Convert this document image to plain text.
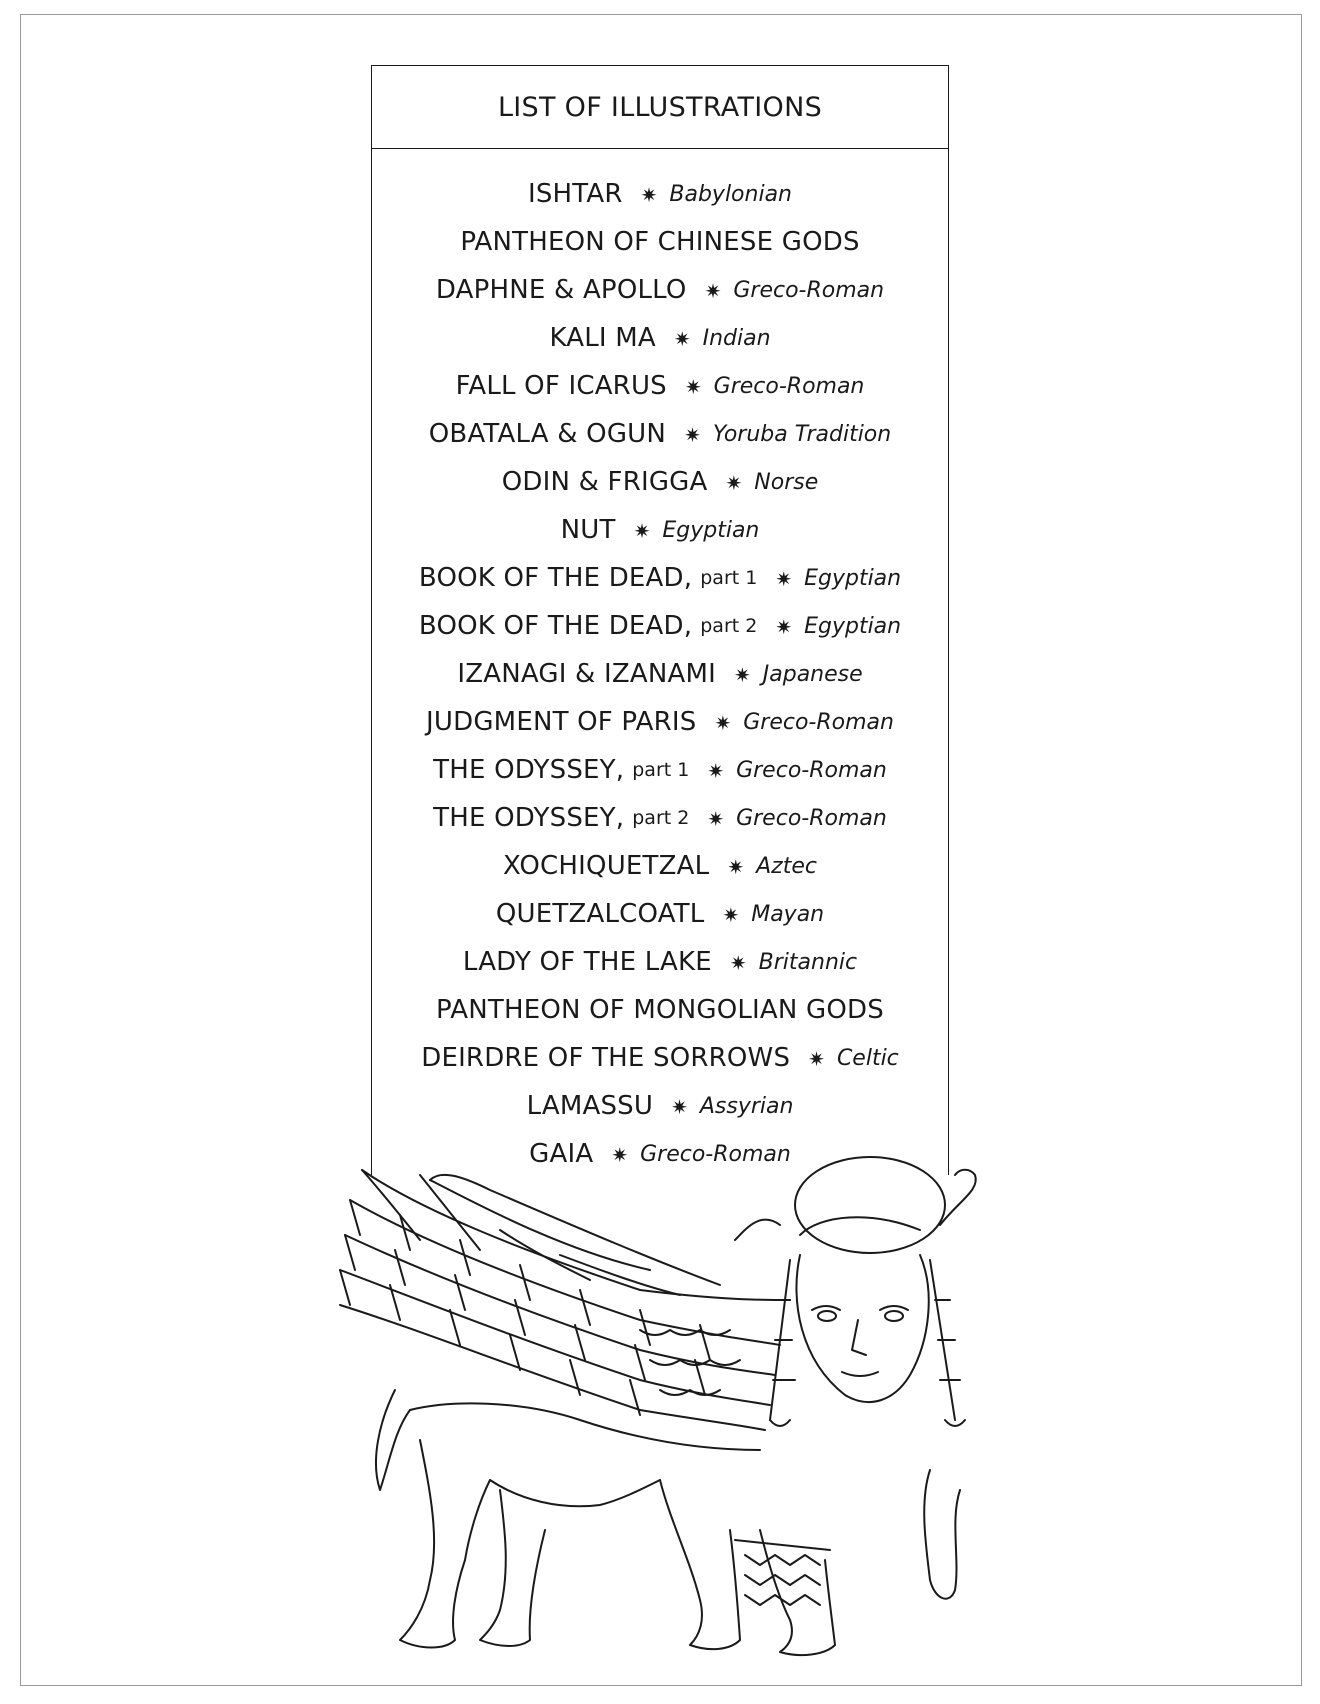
LIST OF ILLUSTRATIONS
ISHTAR ✷ Babylonian
PANTHEON OF CHINESE GODS
DAPHNE & APOLLO ✷ Greco-Roman
KALI MA ✷ Indian
FALL OF ICARUS ✷ Greco-Roman
OBATALA & OGUN ✷ Yoruba Tradition
ODIN & FRIGGA ✷ Norse
NUT ✷ Egyptian
BOOK OF THE DEAD, part 1 ✷ Egyptian
BOOK OF THE DEAD, part 2 ✷ Egyptian
IZANAGI & IZANAMI ✷ Japanese
JUDGMENT OF PARIS ✷ Greco-Roman
THE ODYSSEY, part 1 ✷ Greco-Roman
THE ODYSSEY, part 2 ✷ Greco-Roman
XOCHIQUETZAL ✷ Aztec
QUETZALCOATL ✷ Mayan
LADY OF THE LAKE ✷ Britannic
PANTHEON OF MONGOLIAN GODS
DEIRDRE OF THE SORROWS ✷ Celtic
LAMASSU ✷ Assyrian
GAIA ✷ Greco-Roman
